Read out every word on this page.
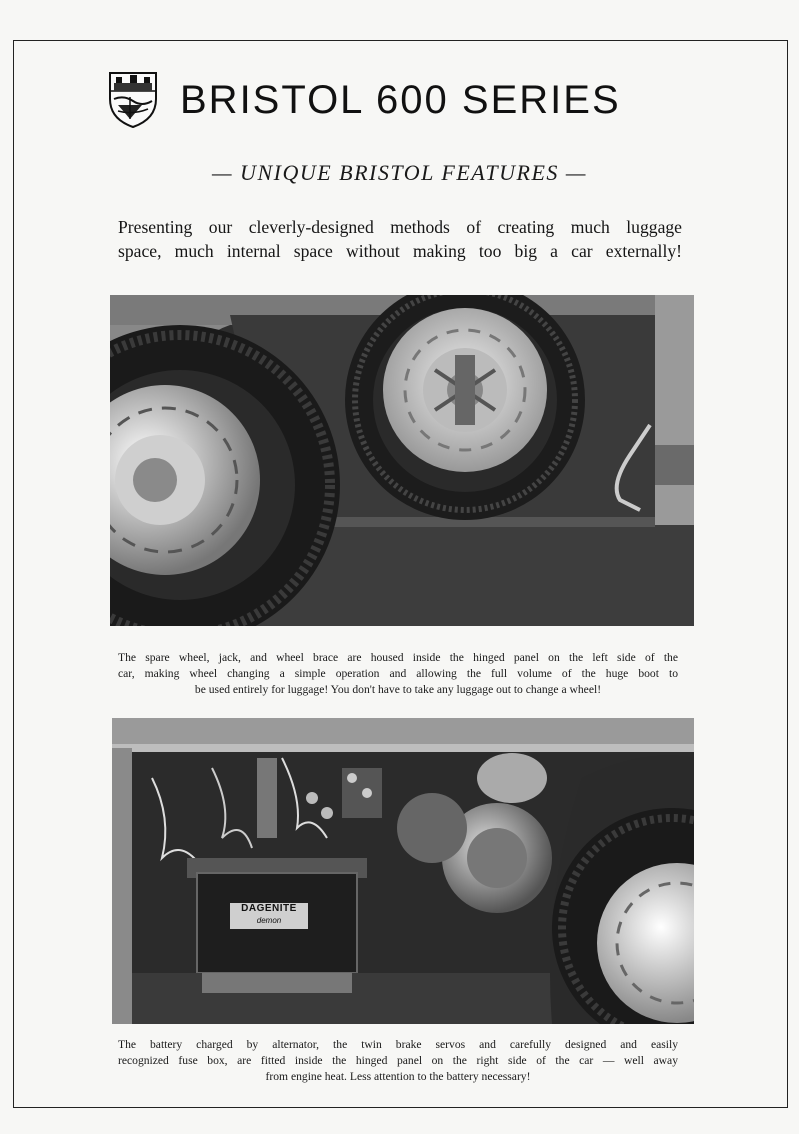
BRISTOL 600 SERIES
— UNIQUE BRISTOL FEATURES —
Presenting our cleverly-designed methods of creating much luggage
space, much internal space without making too big a car externally!
The spare wheel, jack, and wheel brace are housed inside the hinged panel on the left side of the
car, making wheel changing a simple operation and allowing the full volume of the huge boot to
be used entirely for luggage! You don't have to take any luggage out to change a wheel!
DAGENITE
demon
The battery charged by alternator, the twin brake servos and carefully designed and easily
recognized fuse box, are fitted inside the hinged panel on the right side of the car — well away
from engine heat. Less attention to the battery necessary!
